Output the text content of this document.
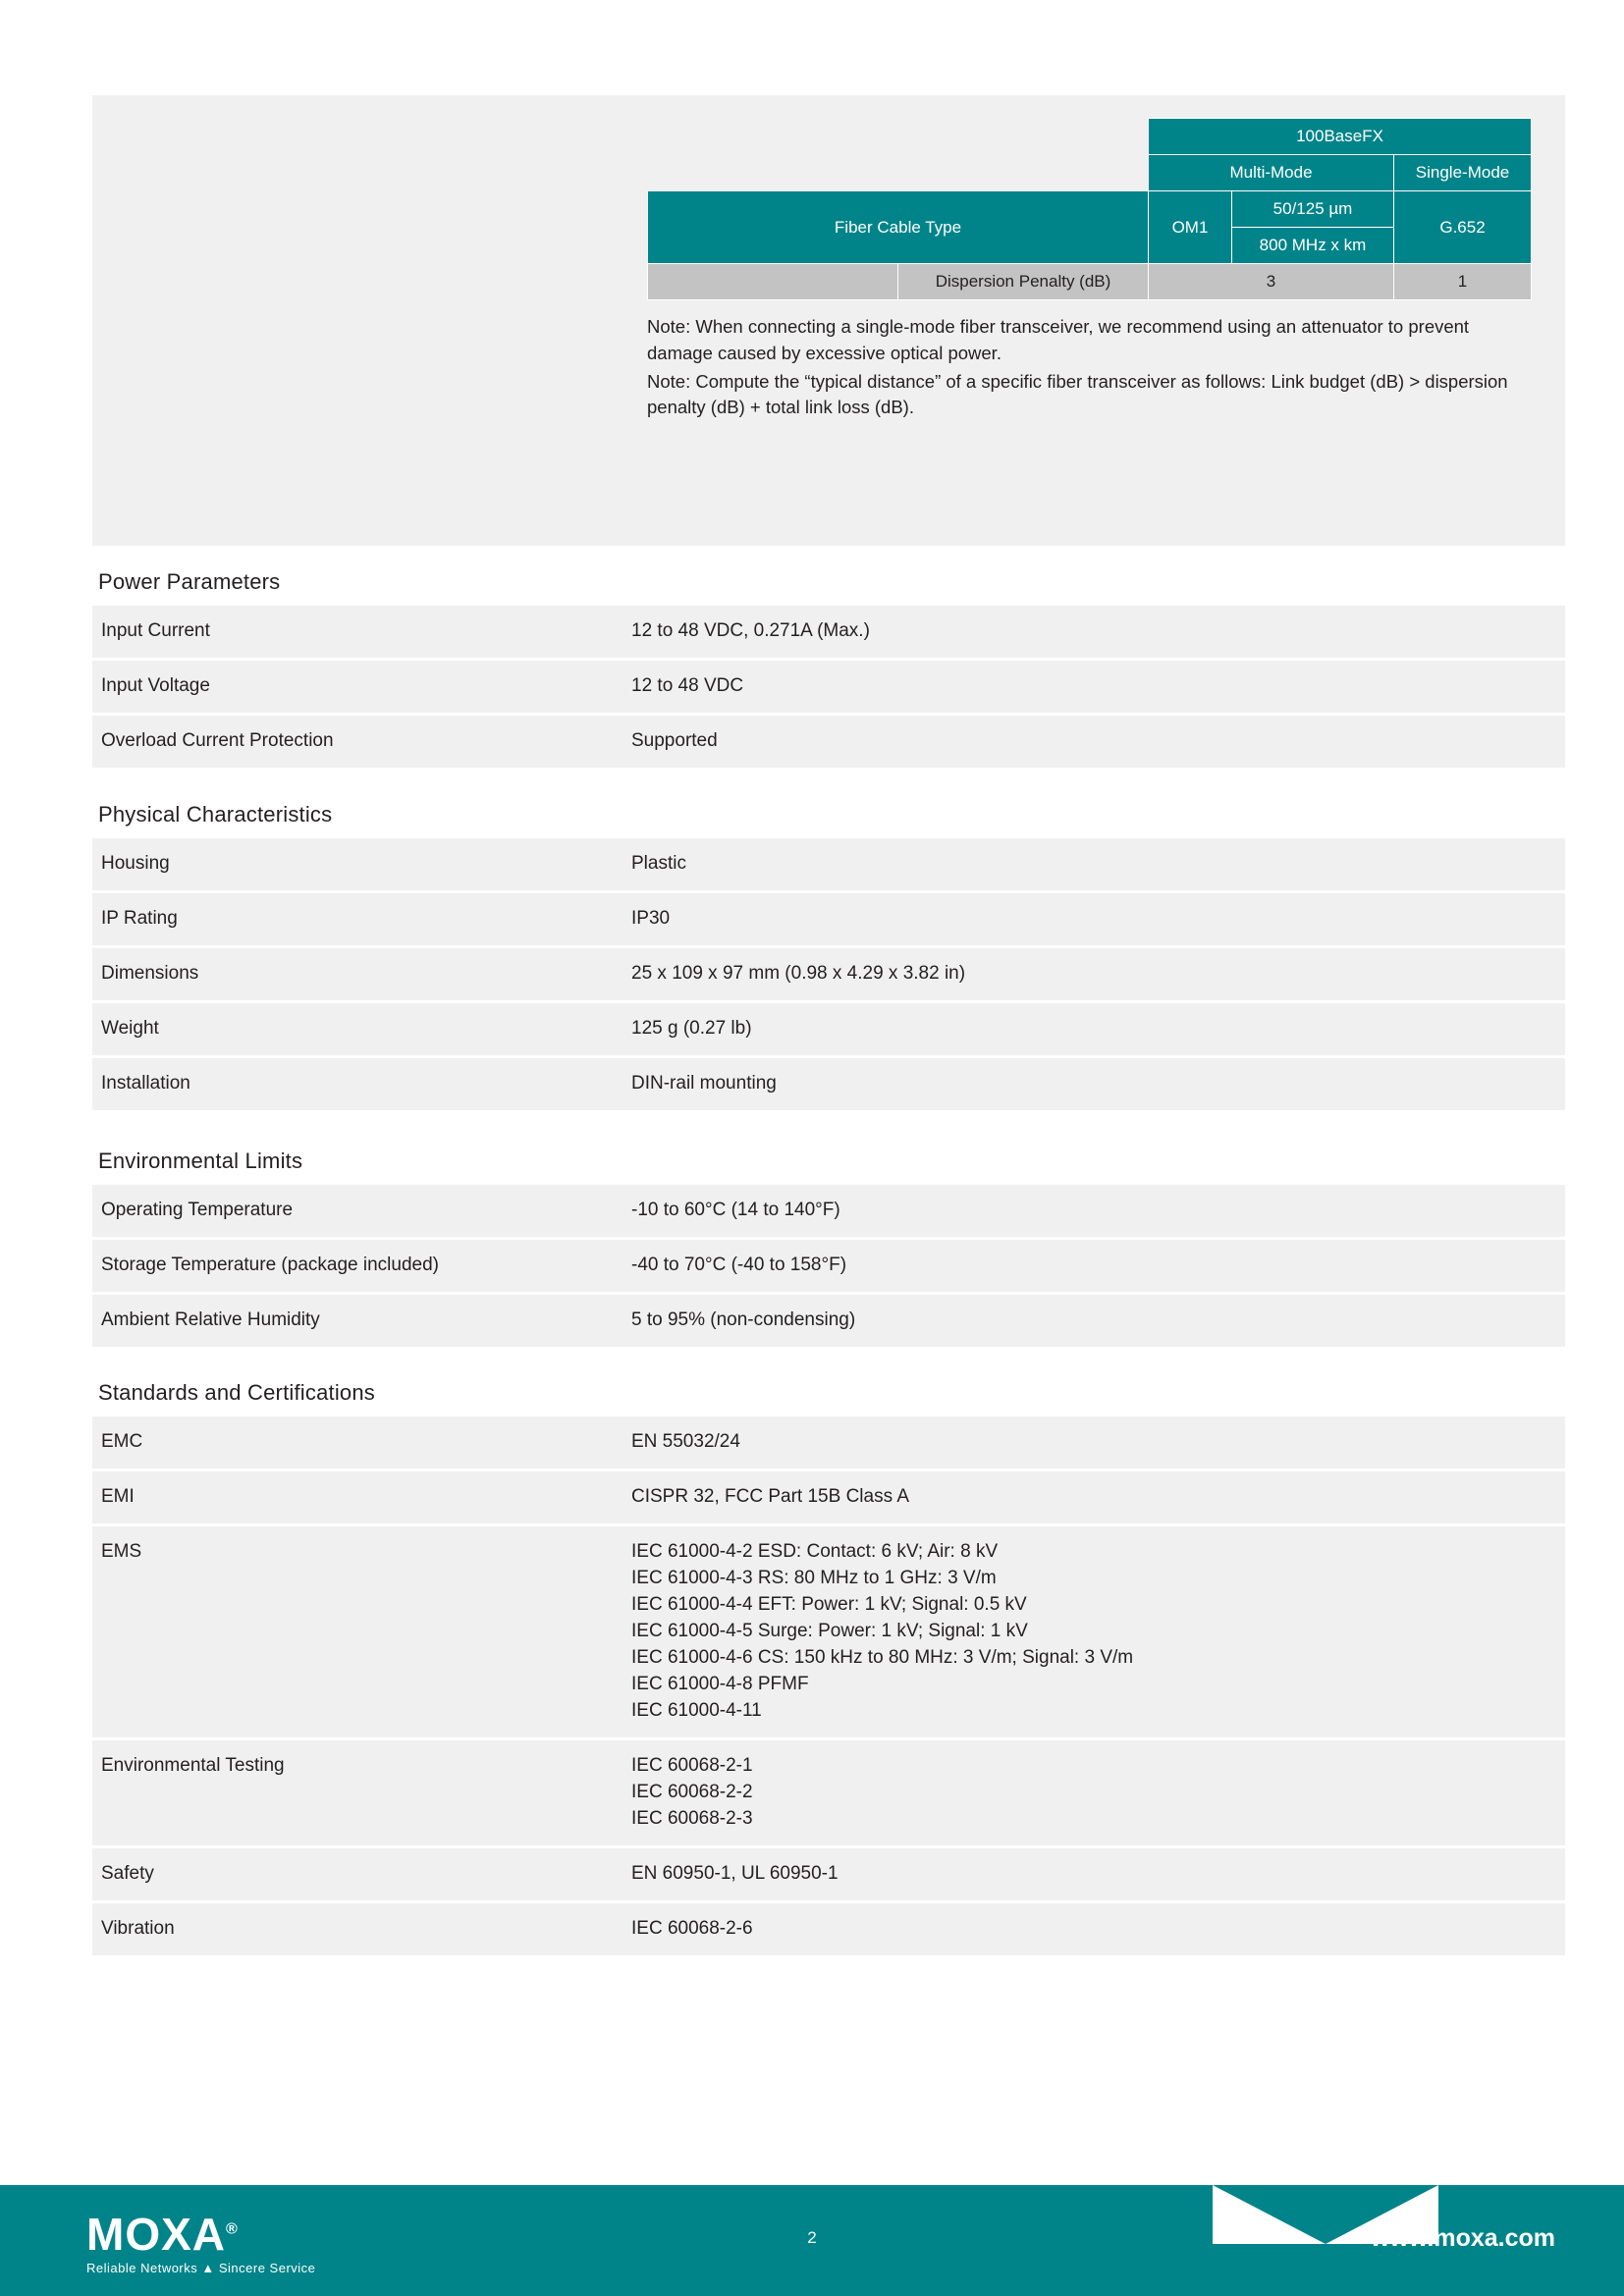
		100BaseFX		
		Multi-Mode		Single-Mode
Fiber Cable Type		OM1	50/125 µm	G.652
			800 MHz x km	
	Dispersion Penalty (dB)	3		1
Note: When connecting a single-mode fiber transceiver, we recommend using an attenuator to prevent damage caused by excessive optical power.
Note: Compute the “typical distance” of a specific fiber transceiver as follows: Link budget (dB) > dispersion penalty (dB) + total link loss (dB).
Power Parameters
Input Current	12 to 48 VDC, 0.271A (Max.)
Input Voltage	12 to 48 VDC
Overload Current Protection	Supported
Physical Characteristics
Housing	Plastic
IP Rating	IP30
Dimensions	25 x 109 x 97 mm (0.98 x 4.29 x 3.82 in)
Weight	125 g (0.27 lb)
Installation	DIN-rail mounting
Environmental Limits
Operating Temperature	-10 to 60°C (14 to 140°F)
Storage Temperature (package included)	-40 to 70°C (-40 to 158°F)
Ambient Relative Humidity	5 to 95% (non-condensing)
Standards and Certifications
EMC	EN 55032/24
EMI	CISPR 32, FCC Part 15B Class A
EMS	IEC 61000-4-2 ESD: Contact: 6 kV; Air: 8 kV
IEC 61000-4-3 RS: 80 MHz to 1 GHz: 3 V/m
IEC 61000-4-4 EFT: Power: 1 kV; Signal: 0.5 kV
IEC 61000-4-5 Surge: Power: 1 kV; Signal: 1 kV
IEC 61000-4-6 CS: 150 kHz to 80 MHz: 3 V/m; Signal: 3 V/m
IEC 61000-4-8 PFMF
IEC 61000-4-11

Environmental Testing	IEC 60068-2-1
IEC 60068-2-2
IEC 60068-2-3

Safety	EN 60950-1, UL 60950-1
Vibration	IEC 60068-2-6
MOXA®
Reliable Networks ▲ Sincere Service
2	www.moxa.com
